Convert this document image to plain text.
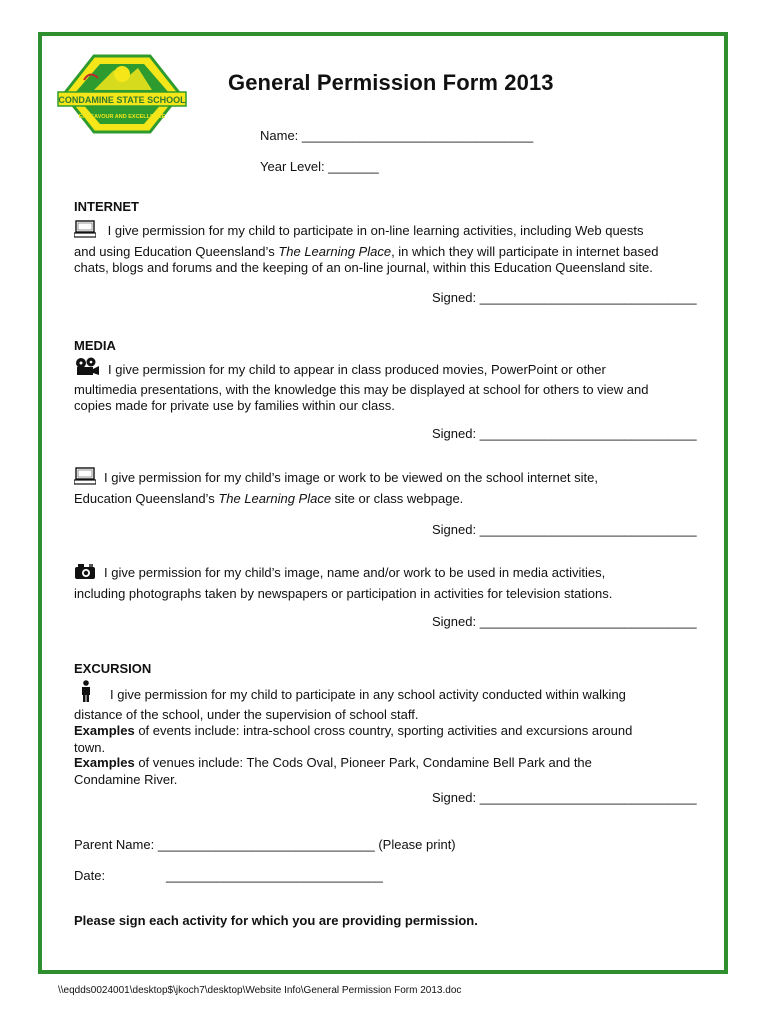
CONDAMINE STATE SCHOOL
ENDEAVOUR AND EXCELLENCE
General Permission Form 2013
Name: ________________________________
Year Level: _______
INTERNET

I give permission for my child to participate in on-line learning activities, including Web quests

and using Education Queensland’s The Learning Place, in which they will participate in internet based

chats, blogs and forums and the keeping of an on-line journal, within this Education Queensland site.

Signed: ______________________________
MEDIA

I give permission for my child to appear in class produced movies, PowerPoint or other

multimedia presentations, with the knowledge this may be displayed at school for others to view and

copies made for private use by families within our class.

Signed: ______________________________

I give permission for my child’s image or work to be viewed on the school internet site,

Education Queensland’s The Learning Place site or class webpage.

Signed: ______________________________

I give permission for my child’s image, name and/or work to be used in media activities,

including photographs taken by newspapers or participation in activities for television stations.

Signed: ______________________________
EXCURSION

I give permission for my child to participate in any school activity conducted within walking

distance of the school, under the supervision of school staff.

Examples of events include: intra-school cross country, sporting activities and excursions around

town.

Examples of venues include: The Cods Oval, Pioneer Park, Condamine Bell Park and the

Condamine River.

Signed: ______________________________
Parent Name: ______________________________ (Please print)
Date:	______________________________
Please sign each activity for which you are providing permission.
\\eqdds0024001\desktop$\jkoch7\desktop\Website Info\General Permission Form 2013.doc
